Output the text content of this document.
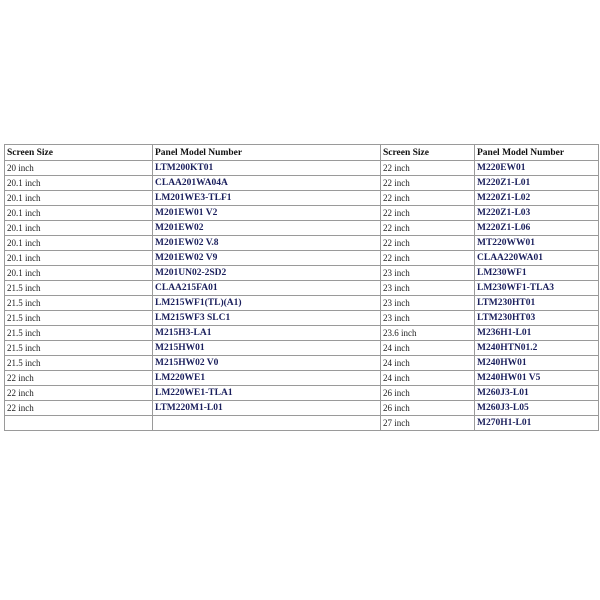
Screen Size	Panel Model Number	Screen Size	Panel Model Number
20 inch	LTM200KT01	22 inch	M220EW01
20.1 inch	CLAA201WA04A	22 inch	M220Z1-L01
20.1 inch	LM201WE3-TLF1	22 inch	M220Z1-L02
20.1 inch	M201EW01 V2	22 inch	M220Z1-L03
20.1 inch	M201EW02	22 inch	M220Z1-L06
20.1 inch	M201EW02 V.8	22 inch	MT220WW01
20.1 inch	M201EW02 V9	22 inch	CLAA220WA01
20.1 inch	M201UN02-2SD2	23 inch	LM230WF1
21.5 inch	CLAA215FA01	23 inch	LM230WF1-TLA3
21.5 inch	LM215WF1(TL)(A1)	23 inch	LTM230HT01
21.5 inch	LM215WF3 SLC1	23 inch	LTM230HT03
21.5 inch	M215H3-LA1	23.6 inch	M236H1-L01
21.5 inch	M215HW01	24 inch	M240HTN01.2
21.5 inch	M215HW02 V0	24 inch	M240HW01
22 inch	LM220WE1	24 inch	M240HW01 V5
22 inch	LM220WE1-TLA1	26 inch	M260J3-L01
22 inch	LTM220M1-L01	26 inch	M260J3-L05
		27 inch	M270H1-L01
